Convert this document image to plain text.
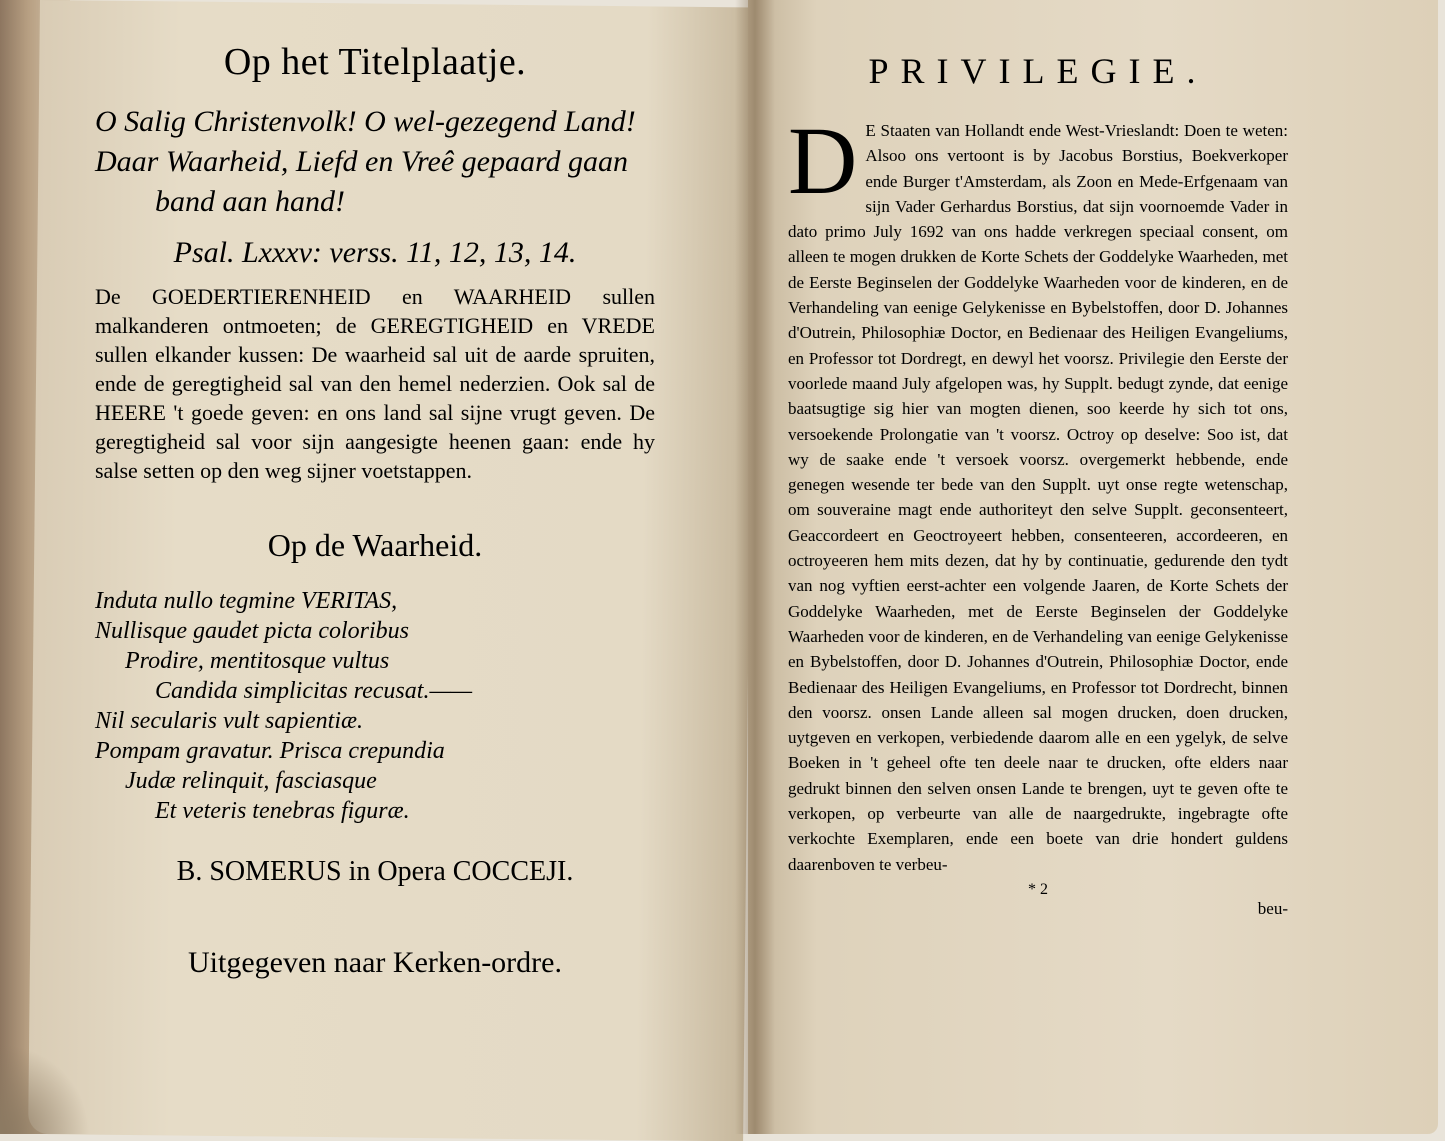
Op het Titelplaatje.

O Salig Christenvolk! O wel-gezegend Land!

Daar Waarheid, Liefd en Vreê gepaard gaan

band aan hand!

Psal. Lxxxv: verss. 11, 12, 13, 14.

De GOEDERTIERENHEID en WAARHEID sullen malkanderen ontmoeten; de GEREGTIGHEID en VREDE sullen elkander kussen: De waarheid sal uit de aarde spruiten, ende de geregtigheid sal van den hemel nederzien. Ook sal de HEERE 't goede geven: en ons land sal sijne vrugt geven. De geregtigheid sal voor sijn aangesigte heenen gaan: ende hy salse setten op den weg sijner voetstappen.

Op de Waarheid.
Induta nullo tegmine VERITAS,
Nullisque gaudet picta coloribus
Prodire, mentitosque vultus
Candida simplicitas recusat.——
Nil secularis vult sapientiæ.
Pompam gravatur. Prisca crepundia
Judæ relinquit, fasciasque
Et veteris tenebras figuræ.
B. SOMERUS in Opera COCCEJI.
Uitgegeven naar Kerken-ordre.
PRIVILEGIE.
D E Staaten van Hollandt ende West-Vrieslandt: Doen te weten: Alsoo ons vertoont is by Jacobus Borstius, Boekverkoper ende Burger t'Amsterdam, als Zoon en Mede-Erfgenaam van sijn Vader Gerhardus Borstius, dat sijn voornoemde Vader in dato primo July 1692 van ons hadde verkregen speciaal consent, om alleen te mogen drukken de Korte Schets der Goddelyke Waarheden, met de Eerste Beginselen der Goddelyke Waarheden voor de kinderen, en de Verhandeling van eenige Gelykenisse en Bybelstoffen, door D. Johannes d'Outrein, Philosophiæ Doctor, en Bedienaar des Heiligen Evangeliums, en Professor tot Dordregt, en dewyl het voorsz. Privilegie den Eerste der voorlede maand July afgelopen was, hy Supplt. bedugt zynde, dat eenige baatsugtige sig hier van mogten dienen, soo keerde hy sich tot ons, versoekende Prolongatie van 't voorsz. Octroy op deselve: Soo ist, dat wy de saake ende 't versoek voorsz. overgemerkt hebbende, ende genegen wesende ter bede van den Supplt. uyt onse regte wetenschap, om souveraine magt ende authoriteyt den selve Supplt. geconsenteert, Geaccordeert en Geoctroyeert hebben, consenteeren, accordeeren, en octroyeeren hem mits dezen, dat hy by continuatie, gedurende den tydt van nog vyftien eerst-achter een volgende Jaaren, de Korte Schets der Goddelyke Waarheden, met de Eerste Beginselen der Goddelyke Waarheden voor de kinderen, en de Verhandeling van eenige Gelykenisse en Bybelstoffen, door D. Johannes d'Outrein, Philosophiæ Doctor, ende Bedienaar des Heiligen Evangeliums, en Professor tot Dordrecht, binnen den voorsz. onsen Lande alleen sal mogen drucken, doen drucken, uytgeven en verkopen, verbiedende daarom alle en een ygelyk, de selve Boeken in 't geheel ofte ten deele naar te drucken, ofte elders naar gedrukt binnen den selven onsen Lande te brengen, uyt te geven ofte te verkopen, op verbeurte van alle de naargedrukte, ingebragte ofte verkochte Exemplaren, ende een boete van drie hondert guldens daarenboven te verbeu-
* 2
beu-
